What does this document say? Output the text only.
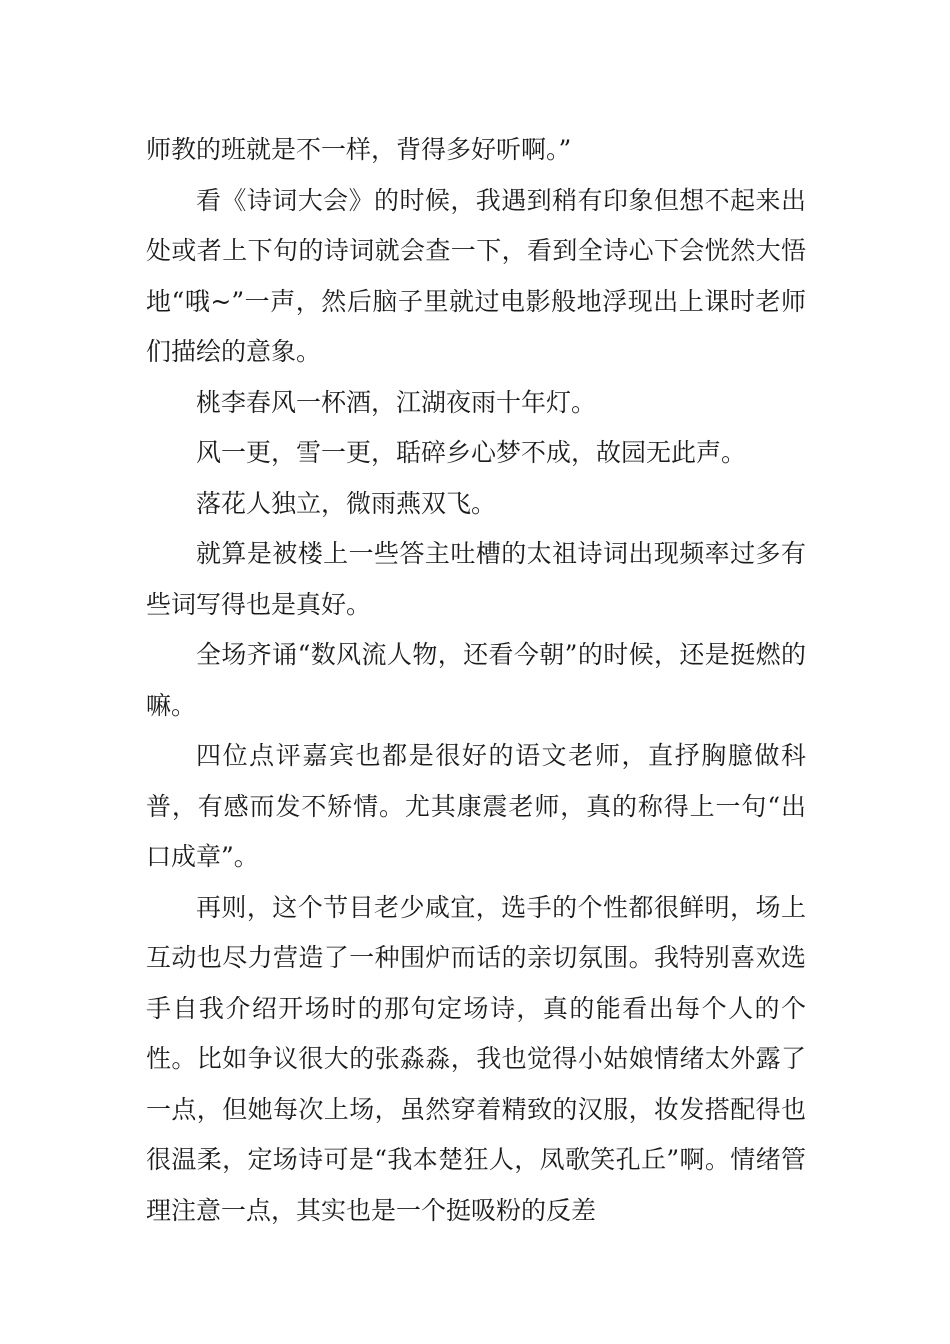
师教的班就是不一样，背得多好听啊。”

看《诗词大会》的时候，我遇到稍有印象但想不起来出处或者上下句的诗词就会查一下，看到全诗心下会恍然大悟地“哦~”一声，然后脑子里就过电影般地浮现出上课时老师们描绘的意象。

桃李春风一杯酒，江湖夜雨十年灯。

风一更，雪一更，聒碎乡心梦不成，故园无此声。

落花人独立，微雨燕双飞。

就算是被楼上一些答主吐槽的太祖诗词出现频率过多有些词写得也是真好。

全场齐诵“数风流人物，还看今朝”的时候，还是挺燃的嘛。

四位点评嘉宾也都是很好的语文老师，直抒胸臆做科普，有感而发不矫情。尤其康震老师，真的称得上一句“出口成章”。

再则，这个节目老少咸宜，选手的个性都很鲜明，场上互动也尽力营造了一种围炉而话的亲切氛围。我特别喜欢选手自我介绍开场时的那句定场诗，真的能看出每个人的个性。比如争议很大的张淼淼，我也觉得小姑娘情绪太外露了一点，但她每次上场，虽然穿着精致的汉服，妆发搭配得也很温柔，定场诗可是“我本楚狂人，凤歌笑孔丘”啊。情绪管理注意一点，其实也是一个挺吸粉的反差
